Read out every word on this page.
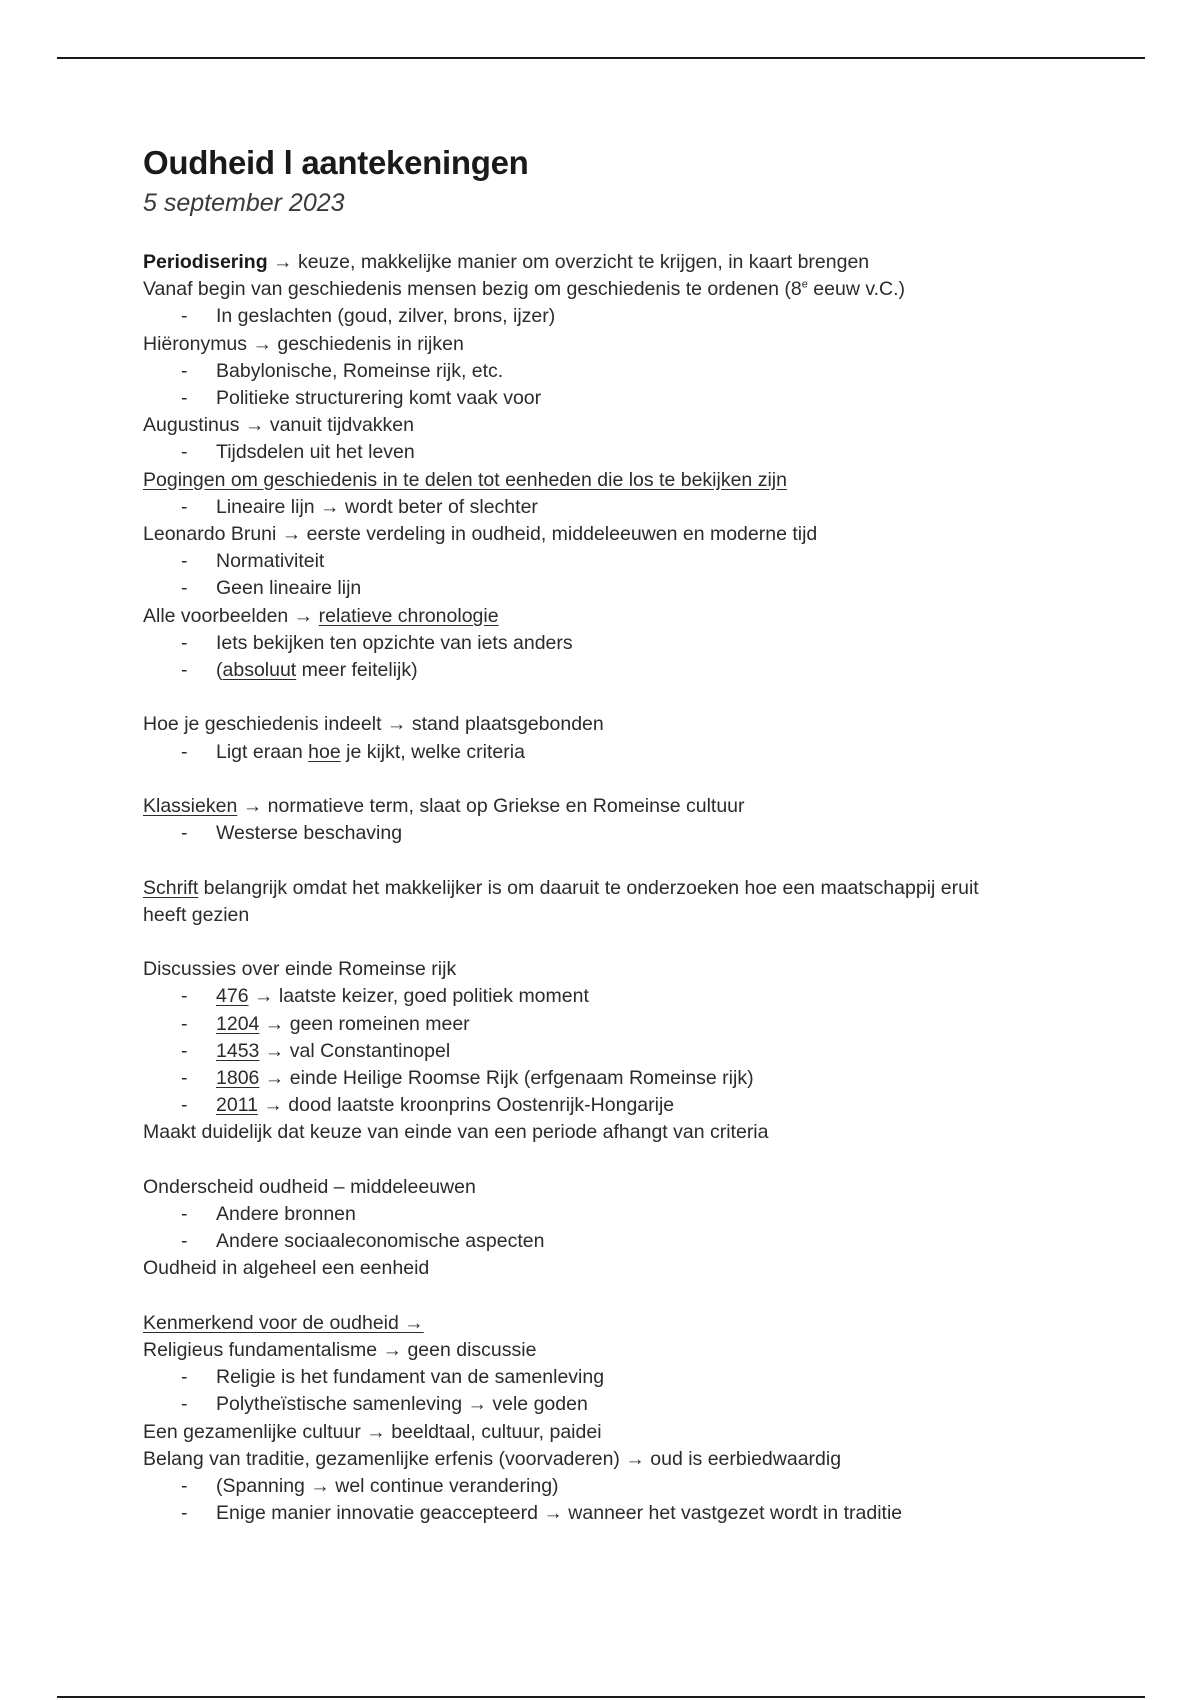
Oudheid l aantekeningen
5 september 2023
Periodisering → keuze, makkelijke manier om overzicht te krijgen, in kaart brengen
Vanaf begin van geschiedenis mensen bezig om geschiedenis te ordenen (8e eeuw v.C.)
- In geslachten (goud, zilver, brons, ijzer)
Hiëronymus → geschiedenis in rijken
- Babylonische, Romeinse rijk, etc.
- Politieke structurering komt vaak voor
Augustinus → vanuit tijdvakken
- Tijdsdelen uit het leven
Pogingen om geschiedenis in te delen tot eenheden die los te bekijken zijn
- Lineaire lijn → wordt beter of slechter
Leonardo Bruni → eerste verdeling in oudheid, middeleeuwen en moderne tijd
- Normativiteit
- Geen lineaire lijn
Alle voorbeelden → relatieve chronologie
- Iets bekijken ten opzichte van iets anders
- (absoluut meer feitelijk)
Hoe je geschiedenis indeelt → stand plaatsgebonden
- Ligt eraan hoe je kijkt, welke criteria
Klassieken → normatieve term, slaat op Griekse en Romeinse cultuur
- Westerse beschaving
Schrift belangrijk omdat het makkelijker is om daaruit te onderzoeken hoe een maatschappij eruit heeft gezien
Discussies over einde Romeinse rijk
- 476 → laatste keizer, goed politiek moment
- 1204 → geen romeinen meer
- 1453 → val Constantinopel
- 1806 → einde Heilige Roomse Rijk (erfgenaam Romeinse rijk)
- 2011 → dood laatste kroonprins Oostenrijk-Hongarije
Maakt duidelijk dat keuze van einde van een periode afhangt van criteria
Onderscheid oudheid – middeleeuwen
- Andere bronnen
- Andere sociaaleconomische aspecten
Oudheid in algeheel een eenheid
Kenmerkend voor de oudheid →
Religieus fundamentalisme → geen discussie
- Religie is het fundament van de samenleving
- Polytheïstische samenleving → vele goden
Een gezamenlijke cultuur → beeldtaal, cultuur, paidei
Belang van traditie, gezamenlijke erfenis (voorvaderen) → oud is eerbiedwaardig
- (Spanning → wel continue verandering)
- Enige manier innovatie geaccepteerd → wanneer het vastgezet wordt in traditie
